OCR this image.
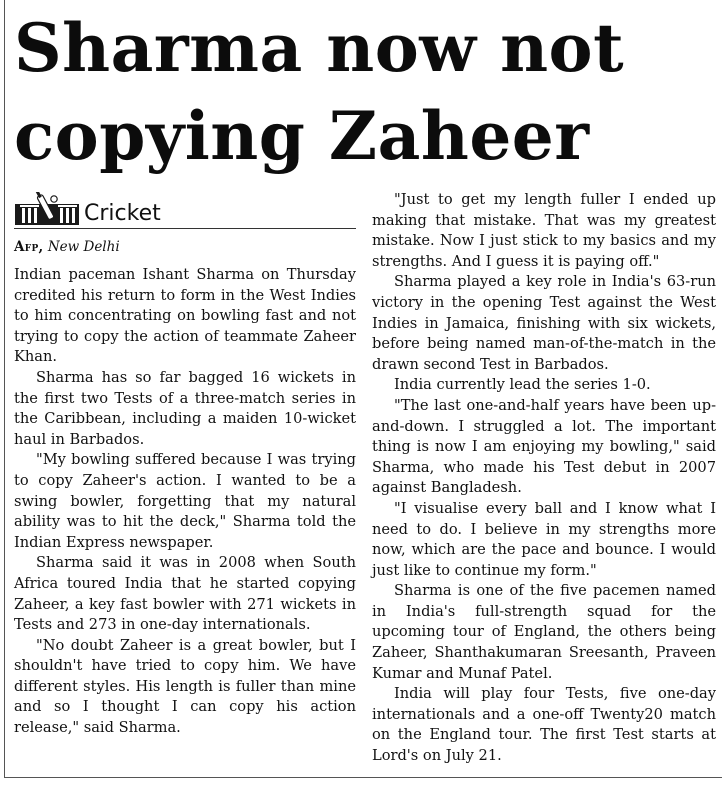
Sharma now not
copying Zaheer
Cricket
Afp, New Delhi

Indian paceman Ishant Sharma on Thursday credited his return to form in the West Indies to him concentrating on bowling fast and not trying to copy the action of teammate Zaheer Khan.

Sharma has so far bagged 16 wickets in the first two Tests of a three-match series in the Caribbean, including a maiden 10-wicket haul in Barbados.

"My bowling suffered because I was trying to copy Zaheer's action. I wanted to be a swing bowler, forgetting that my natural ability was to hit the deck," Sharma told the Indian Express newspaper.

Sharma said it was in 2008 when South Africa toured India that he started copying Zaheer, a key fast bowler with 271 wickets in Tests and 273 in one-day internationals.

"No doubt Zaheer is a great bowler, but I shouldn't have tried to copy him. We have different styles. His length is fuller than mine and so I thought I can copy his action release," said Sharma.

"Just to get my length fuller I ended up making that mistake. That was my greatest mistake. Now I just stick to my basics and my strengths. And I guess it is paying off."

Sharma played a key role in India's 63-run victory in the opening Test against the West Indies in Jamaica, finishing with six wickets, before being named man-of-the-match in the drawn second Test in Barbados.

India currently lead the series 1-0.

"The last one-and-half years have been up-and-down. I struggled a lot. The important thing is now I am enjoying my bowling," said Sharma, who made his Test debut in 2007 against Bangladesh.

"I visualise every ball and I know what I need to do. I believe in my strengths more now, which are the pace and bounce. I would just like to continue my form."

Sharma is one of the five pacemen named in India's full-strength squad for the upcoming tour of England, the others being Zaheer, Shanthakumaran Sreesanth, Praveen Kumar and Munaf Patel.

India will play four Tests, five one-day internationals and a one-off Twenty20 match on the England tour. The first Test starts at Lord's on July 21.
